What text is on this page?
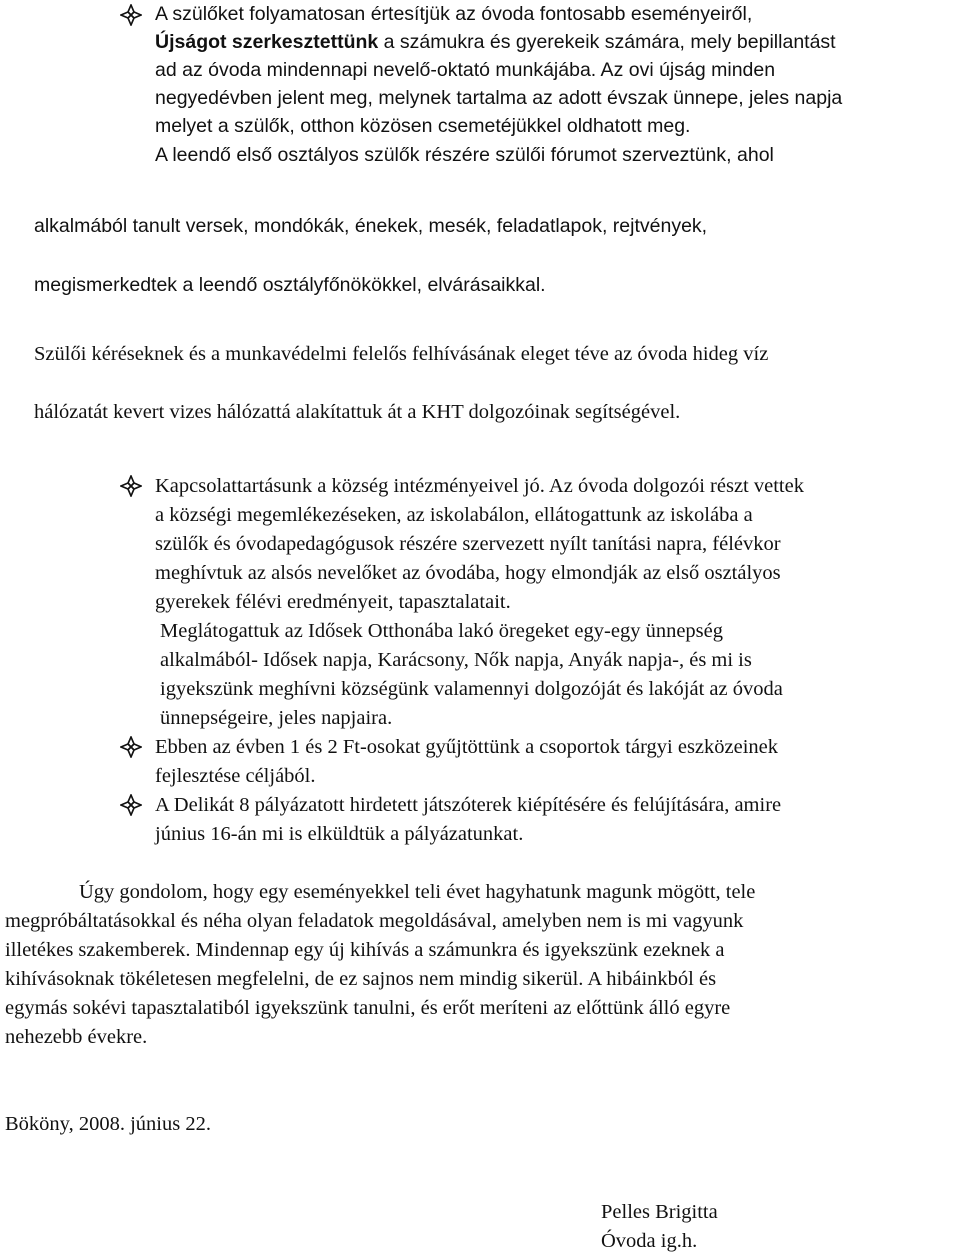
A szülőket folyamatosan értesítjük az óvoda fontosabb eseményeiről,
Újságot szerkesztettünk a számukra és gyerekeik számára, mely bepillantást
ad az óvoda mindennapi nevelő-oktató munkájába. Az ovi újság minden
negyedévben jelent meg, melynek tartalma az adott évszak ünnepe, jeles napja
melyet a szülők, otthon közösen csemetéjükkel oldhatott meg.
A leendő első osztályos szülők részére szülői fórumot szerveztünk, ahol
alkalmából tanult versek, mondókák, énekek, mesék, feladatlapok, rejtvények,
megismerkedtek a leendő osztályfőnökökkel, elvárásaikkal.
Szülői kéréseknek és a munkavédelmi felelős felhívásának eleget téve az óvoda hideg víz
hálózatát kevert vizes hálózattá alakítattuk át a KHT dolgozóinak segítségével.
Kapcsolattartásunk a község intézményeivel jó. Az óvoda dolgozói részt vettek
a községi megemlékezéseken, az iskolabálon, ellátogattunk az iskolába a
szülők és óvodapedagógusok részére szervezett nyílt tanítási napra, félévkor
meghívtuk az alsós nevelőket az óvodába, hogy elmondják az első osztályos
gyerekek félévi eredményeit, tapasztalatait.
Meglátogattuk az Idősek Otthonába lakó öregeket egy-egy ünnepség
alkalmából- Idősek napja, Karácsony, Nők napja, Anyák napja-, és mi is
igyekszünk meghívni községünk valamennyi dolgozóját és lakóját az óvoda
ünnepségeire, jeles napjaira.
Ebben az évben 1 és 2 Ft-osokat gyűjtöttünk a csoportok tárgyi eszközeinek
fejlesztése céljából.
A Delikát 8 pályázatott hirdetett játszóterek kiépítésére és felújítására, amire
június 16-án mi is elküldtük a pályázatunkat.
Úgy gondolom, hogy egy eseményekkel teli évet hagyhatunk magunk mögött, tele
megpróbáltatásokkal és néha olyan feladatok megoldásával, amelyben nem is mi vagyunk
illetékes szakemberek. Mindennap egy új kihívás a számunkra és igyekszünk ezeknek a
kihívásoknak tökéletesen megfelelni, de ez sajnos nem mindig sikerül. A hibáinkból és
egymás sokévi tapasztalatiból igyekszünk tanulni, és erőt meríteni az előttünk álló egyre
nehezebb évekre.
Bököny, 2008. június 22.
Pelles Brigitta
Óvoda ig.h.
